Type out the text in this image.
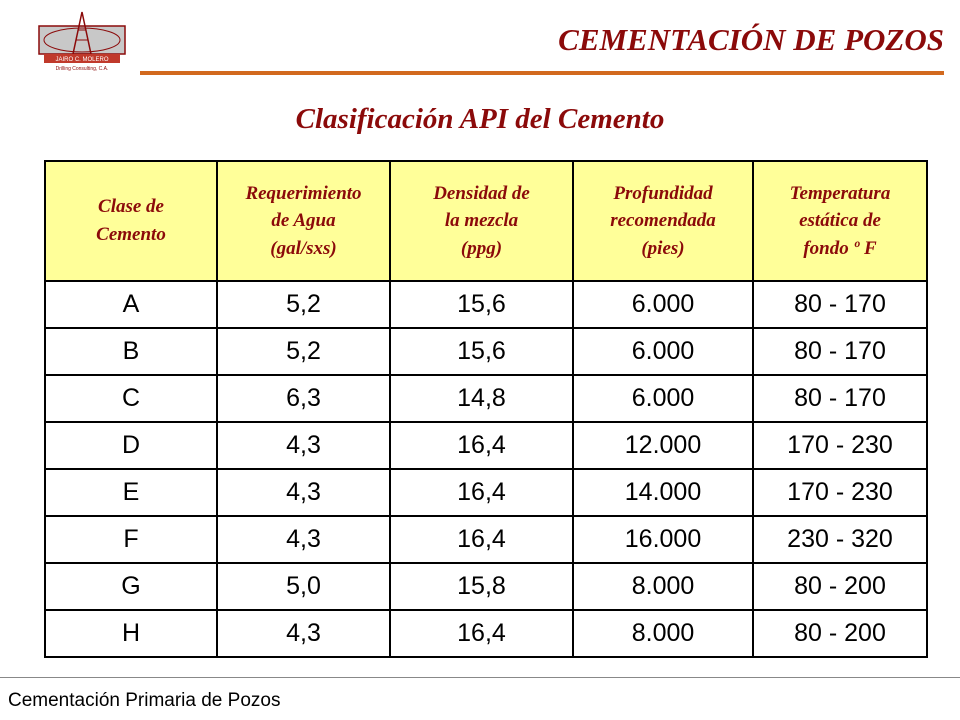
JAIRO C. MOLERO
Drilling Consulting, C.A.
CEMENTACIÓN DE POZOS
Clasificación API del Cemento
Clase de
Cemento	Requerimiento
de Agua
(gal/sxs)	Densidad de
la mezcla
(ppg)	Profundidad
recomendada
(pies)	Temperatura
estática de
fondo º F

A	5,2	15,6	6.000	80 - 170
B	5,2	15,6	6.000	80 - 170
C	6,3	14,8	6.000	80 - 170
D	4,3	16,4	12.000	170 - 230
E	4,3	16,4	14.000	170 - 230
F	4,3	16,4	16.000	230 - 320
G	5,0	15,8	8.000	80 - 200
H	4,3	16,4	8.000	80 - 200
Cementación Primaria de Pozos
